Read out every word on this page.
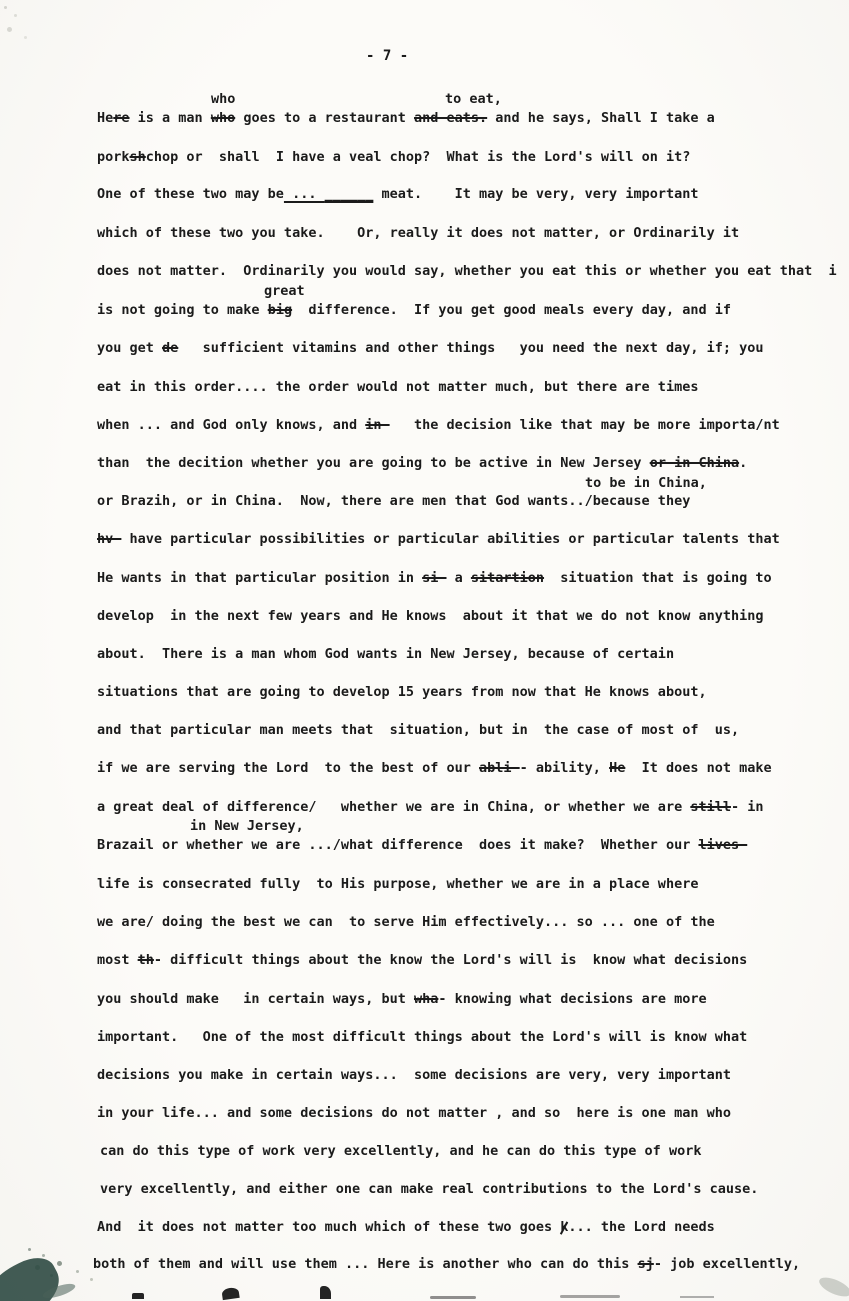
- 7 -
who	to eat,
Here is a man who goes to a restaurant and eats. and he says, Shall I take a
porkshchop or  shall  I have a veal chop?  What is the Lord's will on it?
One of these two may be ... ______ meat.    It may be very, very important
which of these two you take.    Or, really it does not matter, or Ordinarily it
does not matter.  Ordinarily you would say, whether you eat this or whether you eat that  i
great
is not going to make big  difference.  If you get good meals every day, and if
you get de   sufficient vitamins and other things   you need the next day, if; you
eat in this order.... the order would not matter much, but there are times
when ... and God only knows, and in-   the decision like that may be more importa/nt
than  the decition whether you are going to be active in New Jersey or in China.
to be in China,
or Brazih, or in China.  Now, there are men that God wants../because they
hv- have particular possibilities or particular abilities or particular talents that
He wants in that particular position in si- a sitartion  situation that is going to
develop  in the next few years and He knows  about it that we do not know anything
about.  There is a man whom God wants in New Jersey, because of certain
situations that are going to develop 15 years from now that He knows about,
and that particular man meets that  situation, but in  the case of most of  us,
if we are serving the Lord  to the best of our abli-- ability, He  It does not make
a great deal of difference/   whether we are in China, or whether we are still- in
in New Jersey,
Brazail or whether we are .../what difference  does it make?  Whether our lives-
life is consecrated fully  to His purpose, whether we are in a place where
we are/ doing the best we can  to serve Him effectively... so ... one of the
most th- difficult things about the know the Lord's will is  know what decisions
you should make   in certain ways, but wha- knowing what decisions are more
important.   One of the most difficult things about the Lord's will is know what
decisions you make in certain ways...  some decisions are very, very important
in your life... and some decisions do not matter , and so  here is one man who
can do this type of work very excellently, and he can do this type of work
very excellently, and either one can make real contributions to the Lord's cause.
And  it does not matter too much which of these two goes k... the Lord needs
both of them and will use them ... Here is another who can do this sj- job excellently,
